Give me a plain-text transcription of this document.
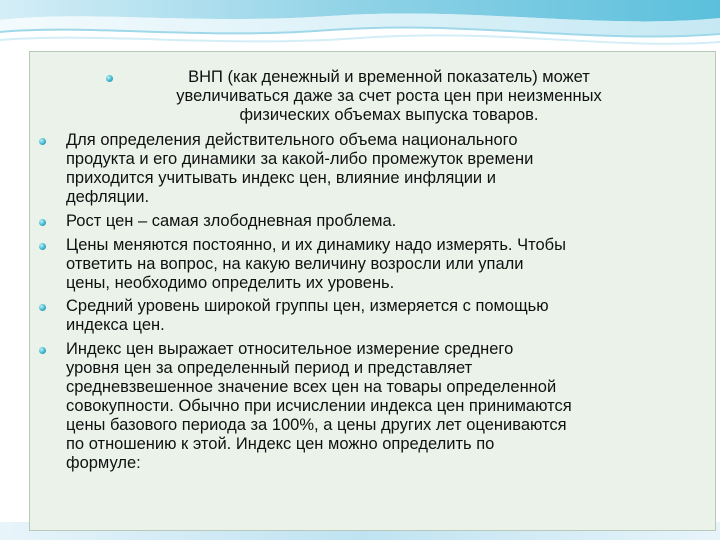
ВНП (как денежный и временной показатель) может
увеличиваться даже за счет роста цен при неизменных
физических объемах выпуска товаров.
Для определения действительного объема национального
продукта и его динамики за какой-либо промежуток времени
приходится учитывать индекс цен, влияние инфляции и
дефляции.
Рост цен – самая злободневная проблема.
Цены меняются постоянно, и их динамику надо измерять. Чтобы
ответить на вопрос, на какую величину возросли или упали
цены, необходимо определить их уровень.
Средний уровень широкой группы цен, измеряется с помощью
индекса цен.
Индекс цен выражает относительное измерение среднего
уровня цен за определенный период и представляет
средневзвешенное значение всех цен на товары определенной
совокупности. Обычно при исчислении индекса цен принимаются
цены базового периода за 100%, а цены других лет оцениваются
по отношению к этой. Индекс цен можно определить по
формуле:
